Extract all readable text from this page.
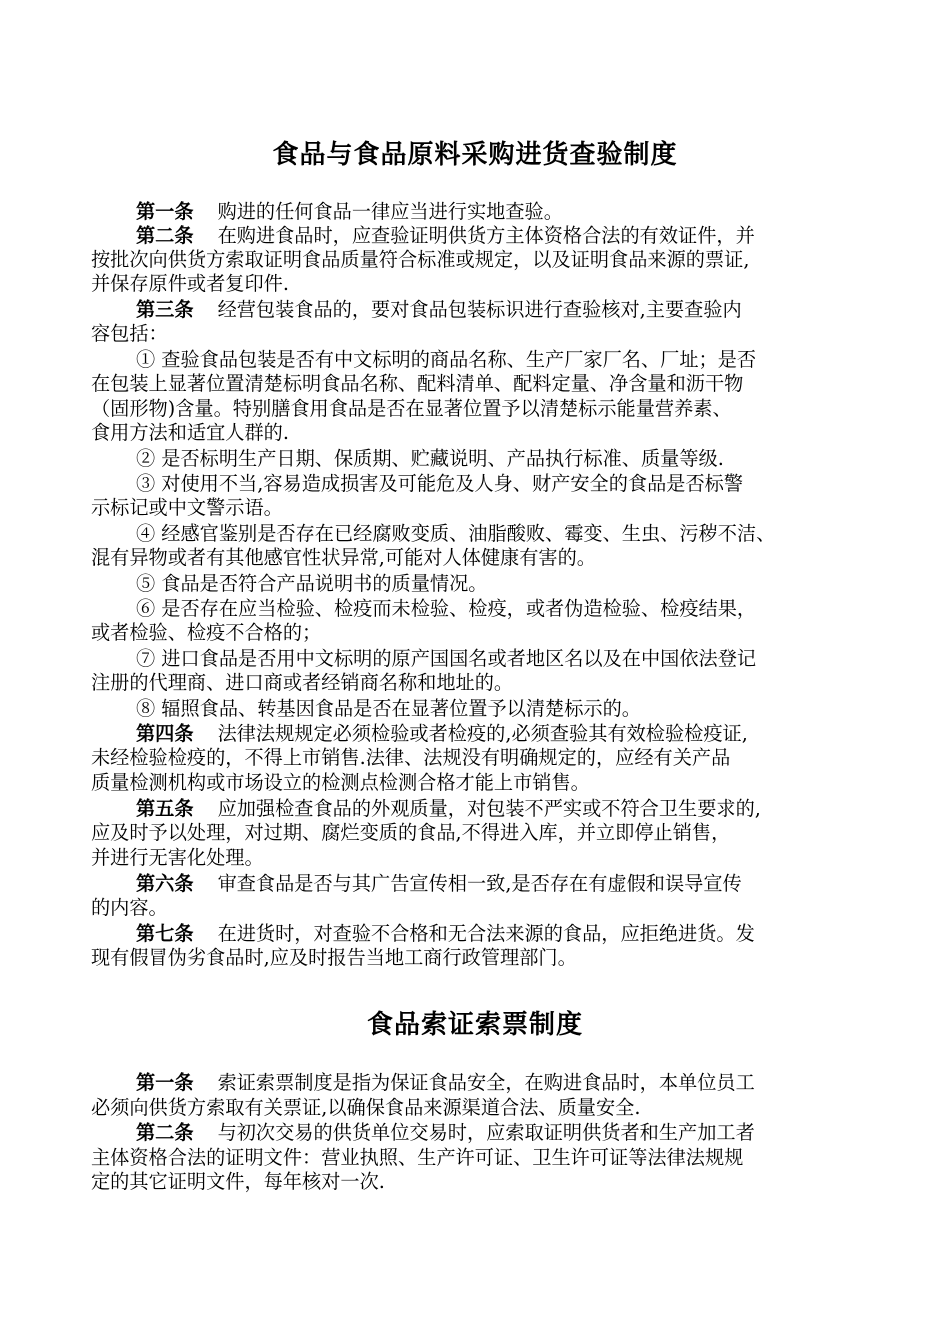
食品与食品原料采购进货查验制度
第一条 购进的任何食品一律应当进行实地查验。
第二条 在购进食品时，应查验证明供货方主体资格合法的有效证件，并
按批次向供货方索取证明食品质量符合标准或规定，以及证明食品来源的票证,
并保存原件或者复印件.
第三条 经营包装食品的，要对食品包装标识进行查验核对,主要查验内
容包括：
① 查验食品包装是否有中文标明的商品名称、生产厂家厂名、厂址；是否
在包装上显著位置清楚标明食品名称、配料清单、配料定量、净含量和沥干物
（固形物)含量。特别膳食用食品是否在显著位置予以清楚标示能量营养素、
食用方法和适宜人群的.
② 是否标明生产日期、保质期、贮藏说明、产品执行标准、质量等级.
③ 对使用不当,容易造成损害及可能危及人身、财产安全的食品是否标警
示标记或中文警示语。
④ 经感官鉴别是否存在已经腐败变质、油脂酸败、霉变、生虫、污秽不洁、
混有异物或者有其他感官性状异常,可能对人体健康有害的。
⑤ 食品是否符合产品说明书的质量情况。
⑥ 是否存在应当检验、检疫而未检验、检疫，或者伪造检验、检疫结果，
或者检验、检疫不合格的；
⑦ 进口食品是否用中文标明的原产国国名或者地区名以及在中国依法登记
注册的代理商、进口商或者经销商名称和地址的。
⑧ 辐照食品、转基因食品是否在显著位置予以清楚标示的。
第四条 法律法规规定必须检验或者检疫的,必须查验其有效检验检疫证,
未经检验检疫的，不得上市销售.法律、法规没有明确规定的，应经有关产品
质量检测机构或市场设立的检测点检测合格才能上市销售。
第五条 应加强检查食品的外观质量，对包装不严实或不符合卫生要求的,
应及时予以处理，对过期、腐烂变质的食品,不得进入库，并立即停止销售，
并进行无害化处理。
第六条 审查食品是否与其广告宣传相一致,是否存在有虚假和误导宣传
的内容。
第七条 在进货时，对查验不合格和无合法来源的食品，应拒绝进货。发
现有假冒伪劣食品时,应及时报告当地工商行政管理部门。
食品索证索票制度
第一条 索证索票制度是指为保证食品安全，在购进食品时，本单位员工
必须向供货方索取有关票证,以确保食品来源渠道合法、质量安全.
第二条 与初次交易的供货单位交易时，应索取证明供货者和生产加工者
主体资格合法的证明文件：营业执照、生产许可证、卫生许可证等法律法规规
定的其它证明文件，每年核对一次.
